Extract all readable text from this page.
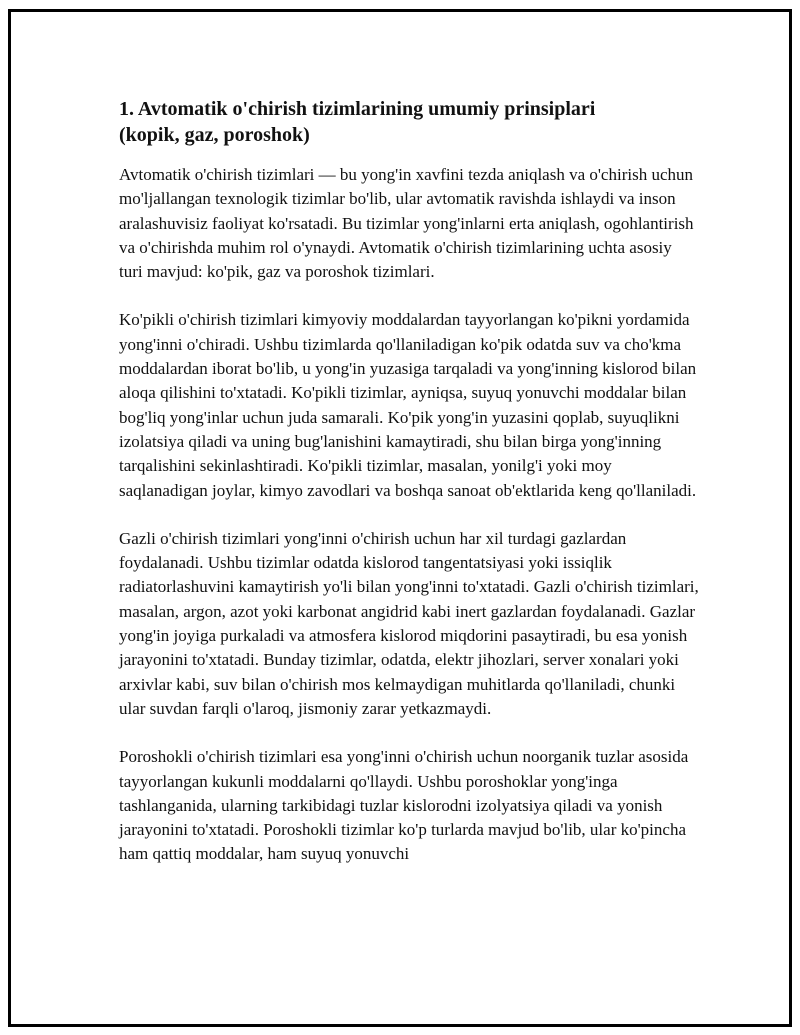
1. Avtomatik o'chirish tizimlarining umumiy prinsiplari
(kopik, gaz, poroshok)

Avtomatik o'chirish tizimlari — bu yong'in xavfini tezda aniqlash va o'chirish uchun mo'ljallangan texnologik tizimlar bo'lib, ular avtomatik ravishda ishlaydi va inson aralashuvisiz faoliyat ko'rsatadi. Bu tizimlar yong'inlarni erta aniqlash, ogohlantirish va o'chirishda muhim rol o'ynaydi. Avtomatik o'chirish tizimlarining uchta asosiy turi mavjud: ko'pik, gaz va poroshok tizimlari.

Ko'pikli o'chirish tizimlari kimyoviy moddalardan tayyorlangan ko'pikni yordamida yong'inni o'chiradi. Ushbu tizimlarda qo'llaniladigan ko'pik odatda suv va cho'kma moddalardan iborat bo'lib, u yong'in yuzasiga tarqaladi va yong'inning kislorod bilan aloqa qilishini to'xtatadi. Ko'pikli tizimlar, ayniqsa, suyuq yonuvchi moddalar bilan bog'liq yong'inlar uchun juda samarali. Ko'pik yong'in yuzasini qoplab, suyuqlikni izolatsiya qiladi va uning bug'lanishini kamaytiradi, shu bilan birga yong'inning tarqalishini sekinlashtiradi. Ko'pikli tizimlar, masalan, yonilg'i yoki moy saqlanadigan joylar, kimyo zavodlari va boshqa sanoat ob'ektlarida keng qo'llaniladi.

Gazli o'chirish tizimlari yong'inni o'chirish uchun har xil turdagi gazlardan foydalanadi. Ushbu tizimlar odatda kislorod tangentatsiyasi yoki issiqlik radiatorlashuvini kamaytirish yo'li bilan yong'inni to'xtatadi. Gazli o'chirish tizimlari, masalan, argon, azot yoki karbonat angidrid kabi inert gazlardan foydalanadi. Gazlar yong'in joyiga purkaladi va atmosfera kislorod miqdorini pasaytiradi, bu esa yonish jarayonini to'xtatadi. Bunday tizimlar, odatda, elektr jihozlari, server xonalari yoki arxivlar kabi, suv bilan o'chirish mos kelmaydigan muhitlarda qo'llaniladi, chunki ular suvdan farqli o'laroq, jismoniy zarar yetkazmaydi.

Poroshokli o'chirish tizimlari esa yong'inni o'chirish uchun noorganik tuzlar asosida tayyorlangan kukunli moddalarni qo'llaydi. Ushbu poroshoklar yong'inga tashlanganida, ularning tarkibidagi tuzlar kislorodni izolyatsiya qiladi va yonish jarayonini to'xtatadi. Poroshokli tizimlar ko'p turlarda mavjud bo'lib, ular ko'pincha ham qattiq moddalar, ham suyuq yonuvchi
